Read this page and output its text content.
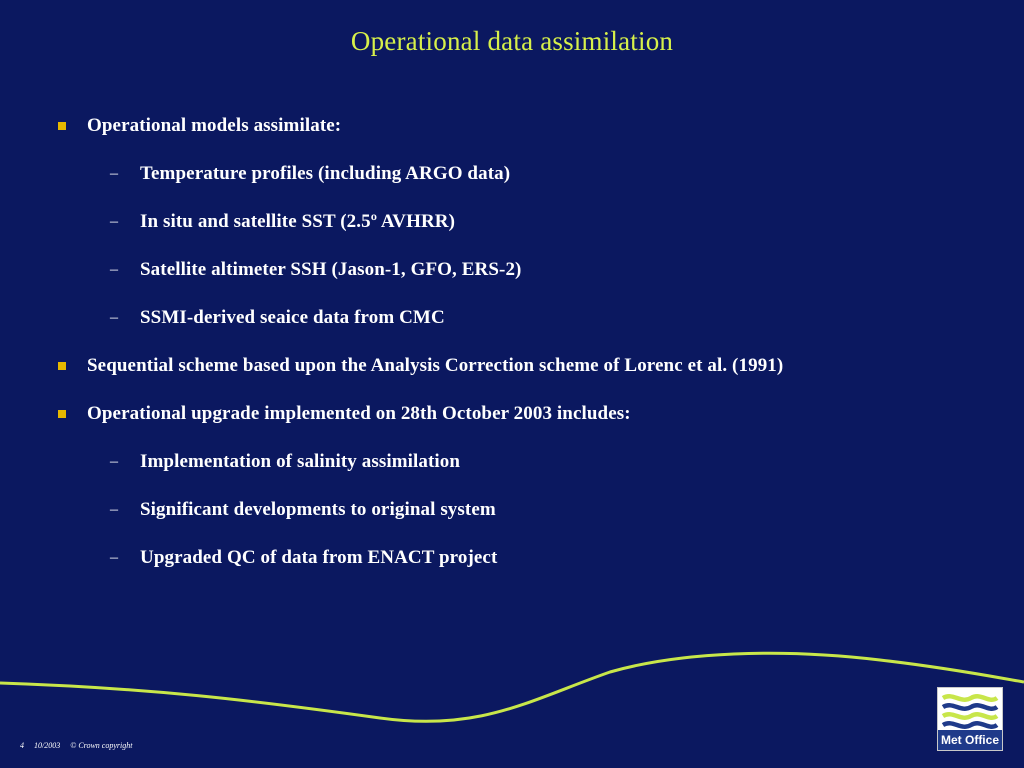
Operational data assimilation
Operational models assimilate:
– Temperature profiles (including ARGO data)
– In situ and satellite SST (2.5º AVHRR)
– Satellite altimeter SSH (Jason-1, GFO, ERS-2)
– SSMI-derived seaice data from CMC
Sequential scheme based upon the Analysis Correction scheme of Lorenc et al. (1991)
Operational upgrade implemented on 28th October 2003 includes:
– Implementation of salinity assimilation
– Significant developments to original system
– Upgraded QC of data from ENACT project
4 10/2003 © Crown copyright	Met Office
